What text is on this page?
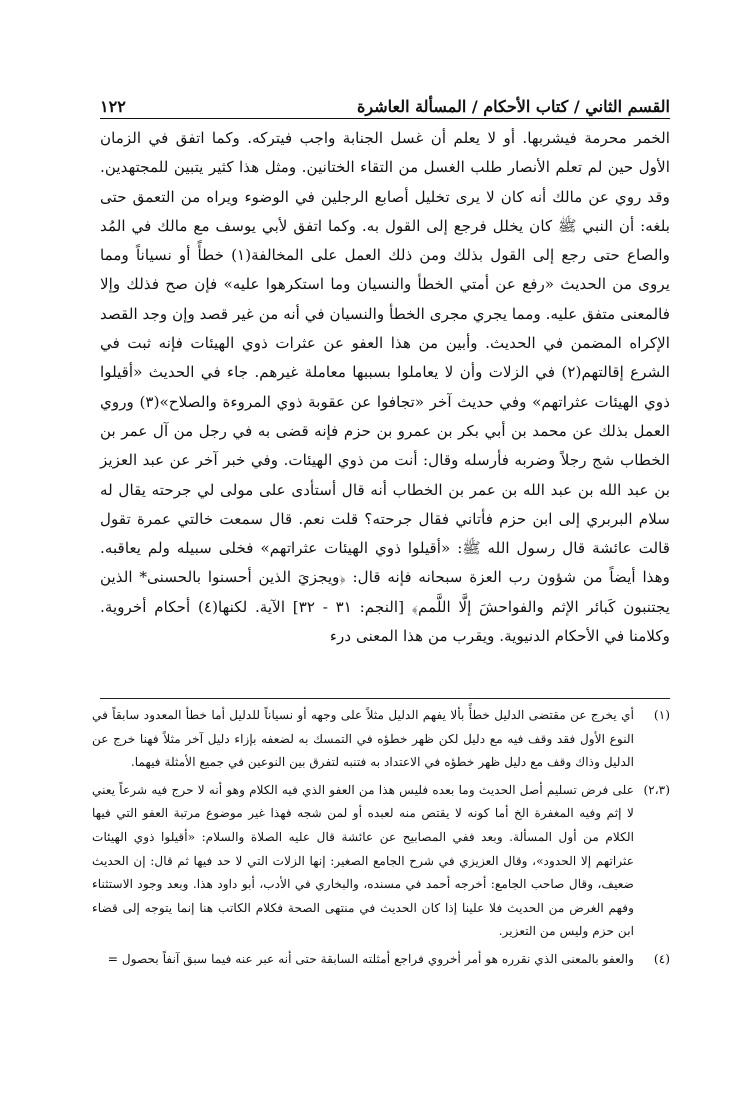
القسم الثاني / كتاب الأحكام / المسألة العاشرة
١٢٢

الخمر محرمة فيشربها. أو لا يعلم أن غسل الجنابة واجب فيتركه. وكما اتفق في الزمان الأول حين لم تعلم الأنصار طلب الغسل من التقاء الختانين. ومثل هذا كثير يتبين للمجتهدين. وقد روي عن مالك أنه كان لا يرى تخليل أصابع الرجلين في الوضوء ويراه من التعمق حتى بلغه: أن النبي ﷺ كان يخلل فرجع إلى القول به. وكما اتفق لأبي يوسف مع مالك في المُد والصاع حتى رجع إلى القول بذلك ومن ذلك العمل على المخالفة(١) خطأً أو نسياناً ومما يروى من الحديث «رفع عن أمتي الخطأ والنسيان وما استكرهوا عليه» فإن صح فذلك وإلا فالمعنى متفق عليه. ومما يجري مجرى الخطأ والنسيان في أنه من غير قصد وإن وجد القصد الإكراه المضمن في الحديث. وأبين من هذا العفو عن عثرات ذوي الهيئات فإنه ثبت في الشرع إقالتهم(٢) في الزلات وأن لا يعاملوا بسببها معاملة غيرهم. جاء في الحديث «أقيلوا ذوي الهيئات عثراتهم» وفي حديث آخر «تجافوا عن عقوبة ذوي المروءة والصلاح»(٣) وروي العمل بذلك عن محمد بن أبي بكر بن عمرو بن حزم فإنه قضى به في رجل من آل عمر بن الخطاب شج رجلاً وضربه فأرسله وقال: أنت من ذوي الهيئات. وفي خبر آخر عن عبد العزيز بن عبد الله بن عبد الله بن عمر بن الخطاب أنه قال أستأدى على مولى لي جرحته يقال له سلام البربري إلى ابن حزم فأتاني فقال جرحته؟ قلت نعم. قال سمعت خالتي عمرة تقول قالت عائشة قال رسول الله ﷺ: «أقيلوا ذوي الهيئات عثراتهم» فخلى سبيله ولم يعاقبه. وهذا أيضاً من شؤون رب العزة سبحانه فإنه قال: ﴿ويجزيَ الذين أحسنوا بالحسنى* الذين يجتنبون كَبائر الإثم والفواحشَ إلَّا اللَّمم﴾ [النجم: ٣١ - ٣٢] الآية. لكنها(٤) أحكام أخروية. وكلامنا في الأحكام الدنيوية. ويقرب من هذا المعنى درء

(١)
أي يخرج عن مقتضى الدليل خطأً بألا يفهم الدليل مثلاً على وجهه أو نسياناً للدليل أما خطأ المعدود سابقاً في النوع الأول فقد وقف فيه مع دليل لكن ظهر خطؤه في التمسك به لضعفه بإزاء دليل آخر مثلاً فهنا خرج عن الدليل وذاك وقف مع دليل ظهر خطؤه في الاعتداد به فتنبه لتفرق بين النوعين في جميع الأمثلة فيهما.
(٢،٣)
على فرض تسليم أصل الحديث وما بعده فليس هذا من العفو الذي فيه الكلام وهو أنه لا حرج فيه شرعاً يعني لا إثم وفيه المغفرة الخ أما كونه لا يقتص منه لعبده أو لمن شجه فهذا غير موضوع مرتبة العفو التي فيها الكلام من أول المسألة. وبعد ففي المصابيح عن عائشة قال عليه الصلاة والسلام: «أقيلوا ذوي الهيئات عثراتهم إلا الحدود»، وقال العزيزي في شرح الجامع الصغير: إنها الزلات التي لا حد فيها ثم قال: إن الحديث ضعيف، وقال صاحب الجامع: أخرجه أحمد في مسنده، والبخاري في الأدب، أبو داود هذا. وبعد وجود الاستثناء وفهم الغرض من الحديث فلا علينا إذا كان الحديث في منتهى الصحة فكلام الكاتب هنا إنما يتوجه إلى قضاء ابن حزم وليس من التعزير.
(٤)
والعفو بالمعنى الذي نقرره هو أمر أخروي فراجع أمثلته السابقة حتى أنه عبر عنه فيما سبق آنفاً بحصول =
